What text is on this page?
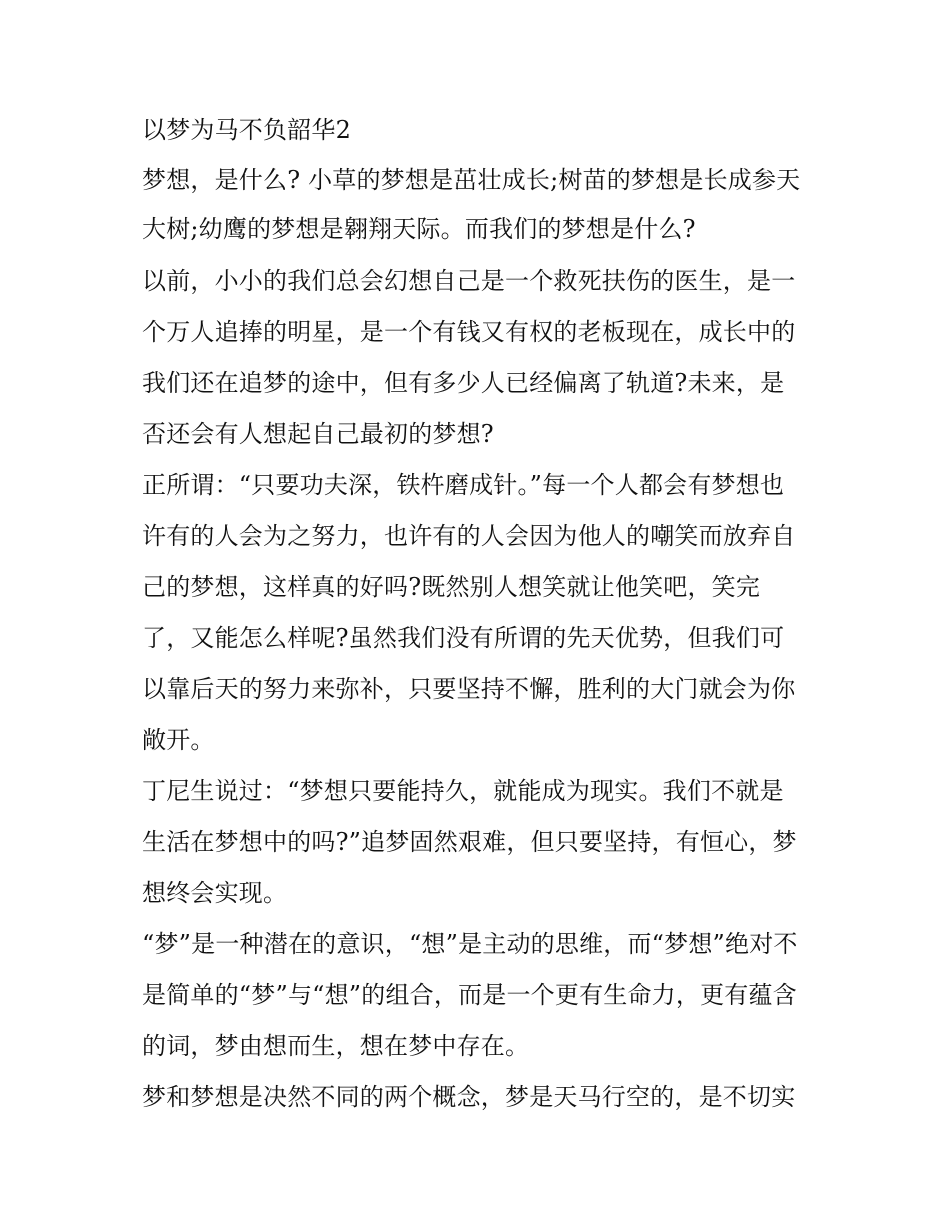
以梦为马不负韶华2
梦想，是什么? 小草的梦想是茁壮成长;树苗的梦想是长成参天
大树;幼鹰的梦想是翱翔天际。而我们的梦想是什么?
以前，小小的我们总会幻想自己是一个救死扶伤的医生，是一
个万人追捧的明星，是一个有钱又有权的老板现在，成长中的
我们还在追梦的途中，但有多少人已经偏离了轨道?未来，是
否还会有人想起自己最初的梦想?
正所谓：“只要功夫深，铁杵磨成针。”每一个人都会有梦想也
许有的人会为之努力，也许有的人会因为他人的嘲笑而放弃自
己的梦想，这样真的好吗?既然别人想笑就让他笑吧，笑完
了，又能怎么样呢?虽然我们没有所谓的先天优势，但我们可
以靠后天的努力来弥补，只要坚持不懈，胜利的大门就会为你
敞开。
丁尼生说过：“梦想只要能持久，就能成为现实。我们不就是
生活在梦想中的吗?”追梦固然艰难，但只要坚持，有恒心，梦
想终会实现。
“梦”是一种潜在的意识，“想”是主动的思维，而“梦想”绝对不
是简单的“梦”与“想”的组合，而是一个更有生命力，更有蕴含
的词，梦由想而生，想在梦中存在。
梦和梦想是决然不同的两个概念，梦是天马行空的，是不切实
